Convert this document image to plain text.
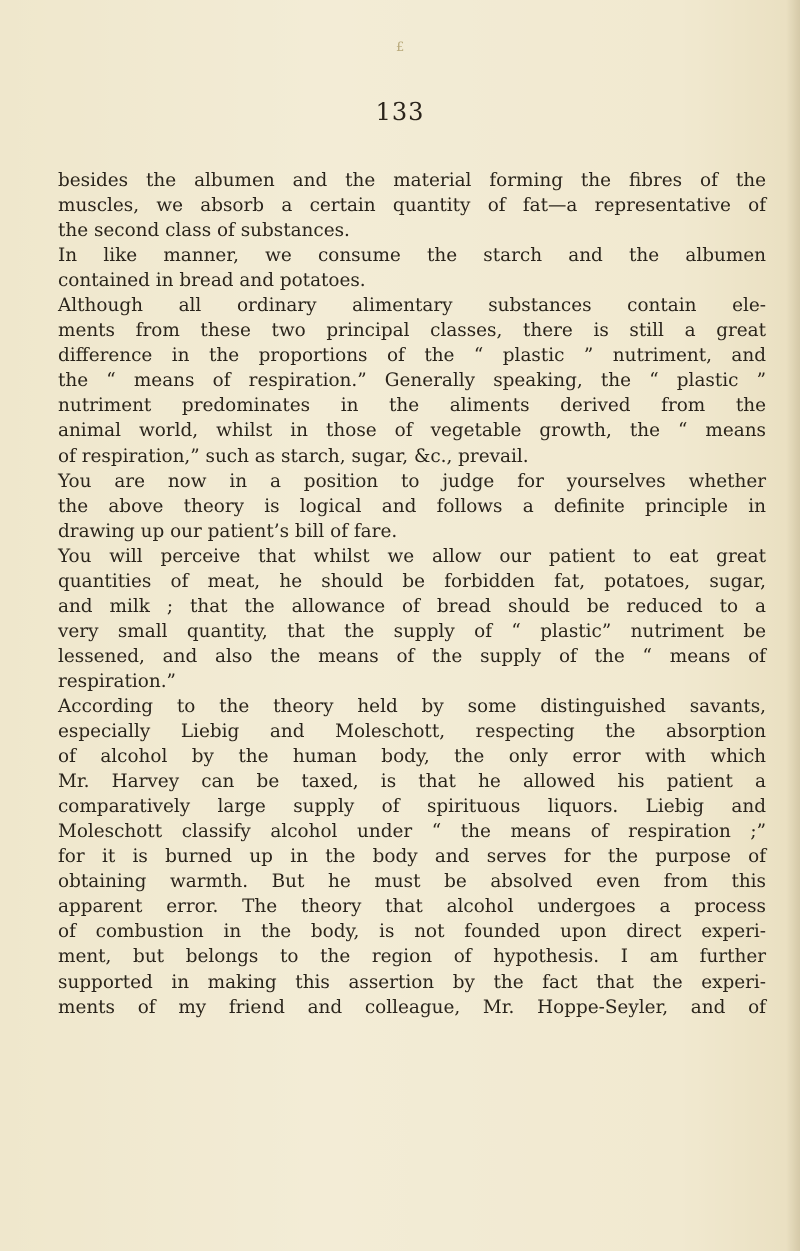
£
133
besides the albumen and the material forming the fibres of the
muscles, we absorb a certain quantity of fat—a representative of
the second class of substances.
In like manner, we consume the starch and the albumen
contained in bread and potatoes.
Although all ordinary alimentary substances contain ele-
ments from these two principal classes, there is still a great
difference in the proportions of the “ plastic ” nutriment, and
the “ means of respiration.” Generally speaking, the “ plastic ”
nutriment predominates in the aliments derived from the
animal world, whilst in those of vegetable growth, the “ means
of respiration,” such as starch, sugar, &c., prevail.
You are now in a position to judge for yourselves whether
the above theory is logical and follows a definite principle in
drawing up our patient’s bill of fare.
You will perceive that whilst we allow our patient to eat great
quantities of meat, he should be forbidden fat, potatoes, sugar,
and milk ; that the allowance of bread should be reduced to a
very small quantity, that the supply of “ plastic” nutriment be
lessened, and also the means of the supply of the “ means of
respiration.”
According to the theory held by some distinguished savants,
especially Liebig and Moleschott, respecting the absorption
of alcohol by the human body, the only error with which
Mr. Harvey can be taxed, is that he allowed his patient a
comparatively large supply of spirituous liquors. Liebig and
Moleschott classify alcohol under “ the means of respiration ;”
for it is burned up in the body and serves for the purpose of
obtaining warmth. But he must be absolved even from this
apparent error. The theory that alcohol undergoes a process
of combustion in the body, is not founded upon direct experi-
ment, but belongs to the region of hypothesis. I am further
supported in making this assertion by the fact that the experi-
ments of my friend and colleague, Mr. Hoppe-Seyler, and of
